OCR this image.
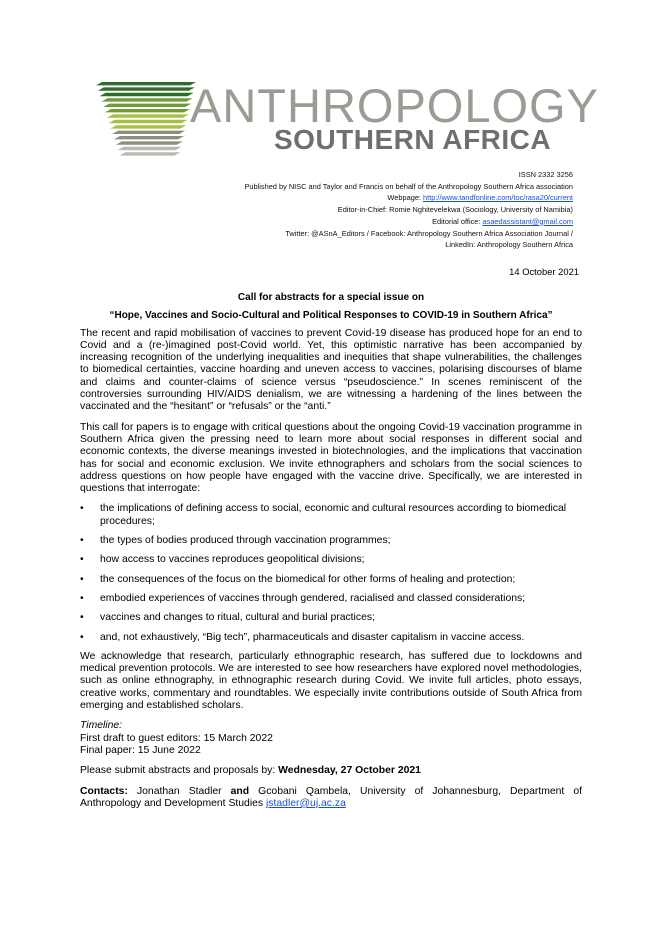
ANTHROPOLOGY
SOUTHERN AFRICA
ISSN 2332 3256
Published by NISC and Taylor and Francis on behalf of the Anthropology Southern Africa association
Webpage: http://www.tandfonline.com/toc/rasa20/current
Editor-in-Chief: Romie Nghitevelekwa (Sociology, University of Namibia)
Editorial office: asaedassistant@gmail.com
Twitter: @ASnA_Editors / Facebook: Anthropology Southern Africa Association Journal /
LinkedIn: Anthropology Southern Africa
14 October 2021
Call for abstracts for a special issue on
“Hope, Vaccines and Socio-Cultural and Political Responses to COVID-19 in Southern Africa”

The recent and rapid mobilisation of vaccines to prevent Covid-19 disease has produced hope for an end to Covid and a (re-)imagined post-Covid world. Yet, this optimistic narrative has been accompanied by increasing recognition of the underlying inequalities and inequities that shape vulnerabilities, the challenges to biomedical certainties, vaccine hoarding and uneven access to vaccines, polarising discourses of blame and claims and counter-claims of science versus “pseudoscience.” In scenes reminiscent of the controversies surrounding HIV/AIDS denialism, we are witnessing a hardening of the lines between the vaccinated and the “hesitant” or “refusals” or the “anti.”

This call for papers is to engage with critical questions about the ongoing Covid-19 vaccination programme in Southern Africa given the pressing need to learn more about social responses in different social and economic contexts, the diverse meanings invested in biotechnologies, and the implications that vaccination has for social and economic exclusion. We invite ethnographers and scholars from the social sciences to address questions on how people have engaged with the vaccine drive. Specifically, we are interested in questions that interrogate:

• the implications of defining access to social, economic and cultural resources according to biomedical procedures;
• the types of bodies produced through vaccination programmes;
• how access to vaccines reproduces geopolitical divisions;
• the consequences of the focus on the biomedical for other forms of healing and protection;
• embodied experiences of vaccines through gendered, racialised and classed considerations;
• vaccines and changes to ritual, cultural and burial practices;
• and, not exhaustively, “Big tech”, pharmaceuticals and disaster capitalism in vaccine access.

We acknowledge that research, particularly ethnographic research, has suffered due to lockdowns and medical prevention protocols. We are interested to see how researchers have explored novel methodologies, such as online ethnography, in ethnographic research during Covid. We invite full articles, photo essays, creative works, commentary and roundtables. We especially invite contributions outside of South Africa from emerging and established scholars.

Timeline:
First draft to guest editors: 15 March 2022
Final paper: 15 June 2022
Please submit abstracts and proposals by: Wednesday, 27 October 2021

Contacts: Jonathan Stadler and Gcobani Qambela, University of Johannesburg, Department of Anthropology and Development Studies jstadler@uj.ac.za
